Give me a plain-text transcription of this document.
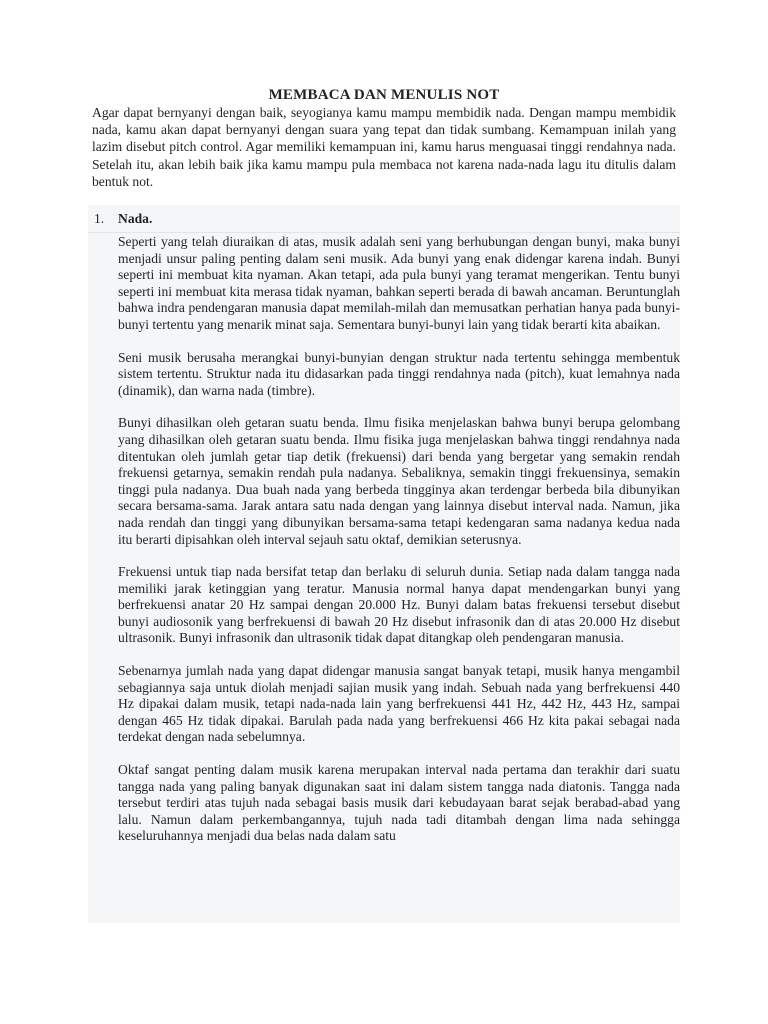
MEMBACA DAN MENULIS NOT

Agar dapat bernyanyi dengan baik, seyogianya kamu mampu membidik nada. Dengan mampu membidik nada, kamu akan dapat bernyanyi dengan suara yang tepat dan tidak sumbang. Kemampuan inilah yang lazim disebut pitch control. Agar memiliki kemampuan ini, kamu harus menguasai tinggi rendahnya nada. Setelah itu, akan lebih baik jika kamu mampu pula membaca not karena nada-nada lagu itu ditulis dalam bentuk not.

1. Nada.

Seperti yang telah diuraikan di atas, musik adalah seni yang berhubungan dengan bunyi, maka bunyi menjadi unsur paling penting dalam seni musik. Ada bunyi yang enak didengar karena indah. Bunyi seperti ini membuat kita nyaman. Akan tetapi, ada pula bunyi yang teramat mengerikan. Tentu bunyi seperti ini membuat kita merasa tidak nyaman, bahkan seperti berada di bawah ancaman. Beruntunglah bahwa indra pendengaran manusia dapat memilah-milah dan memusatkan perhatian hanya pada bunyi-bunyi tertentu yang menarik minat saja. Sementara bunyi-bunyi lain yang tidak berarti kita abaikan.

Seni musik berusaha merangkai bunyi-bunyian dengan struktur nada tertentu sehingga membentuk sistem tertentu. Struktur nada itu didasarkan pada tinggi rendahnya nada (pitch), kuat lemahnya nada (dinamik), dan warna nada (timbre).

Bunyi dihasilkan oleh getaran suatu benda. Ilmu fisika menjelaskan bahwa bunyi berupa gelombang yang dihasilkan oleh getaran suatu benda. Ilmu fisika juga menjelaskan bahwa tinggi rendahnya nada ditentukan oleh jumlah getar tiap detik (frekuensi) dari benda yang bergetar yang semakin rendah frekuensi getarnya, semakin rendah pula nadanya. Sebaliknya, semakin tinggi frekuensinya, semakin tinggi pula nadanya. Dua buah nada yang berbeda tingginya akan terdengar berbeda bila dibunyikan secara bersama-sama. Jarak antara satu nada dengan yang lainnya disebut interval nada. Namun, jika nada rendah dan tinggi yang dibunyikan bersama-sama tetapi kedengaran sama nadanya kedua nada itu berarti dipisahkan oleh interval sejauh satu oktaf, demikian seterusnya.

Frekuensi untuk tiap nada bersifat tetap dan berlaku di seluruh dunia. Setiap nada dalam tangga nada memiliki jarak ketinggian yang teratur. Manusia normal hanya dapat mendengarkan bunyi yang berfrekuensi anatar 20 Hz sampai dengan 20.000 Hz. Bunyi dalam batas frekuensi tersebut disebut bunyi audiosonik yang berfrekuensi di bawah 20 Hz disebut infrasonik dan di atas 20.000 Hz disebut ultrasonik. Bunyi infrasonik dan ultrasonik tidak dapat ditangkap oleh pendengaran manusia.

Sebenarnya jumlah nada yang dapat didengar manusia sangat banyak tetapi, musik hanya mengambil sebagiannya saja untuk diolah menjadi sajian musik yang indah. Sebuah nada yang berfrekuensi 440 Hz dipakai dalam musik, tetapi nada-nada lain yang berfrekuensi 441 Hz, 442 Hz, 443 Hz, sampai dengan 465 Hz tidak dipakai. Barulah pada nada yang berfrekuensi 466 Hz kita pakai sebagai nada terdekat dengan nada sebelumnya.

Oktaf sangat penting dalam musik karena merupakan interval nada pertama dan terakhir dari suatu tangga nada yang paling banyak digunakan saat ini dalam sistem tangga nada diatonis. Tangga nada tersebut terdiri atas tujuh nada sebagai basis musik dari kebudayaan barat sejak berabad-abad yang lalu. Namun dalam perkembangannya, tujuh nada tadi ditambah dengan lima nada sehingga keseluruhannya menjadi dua belas nada dalam satu
